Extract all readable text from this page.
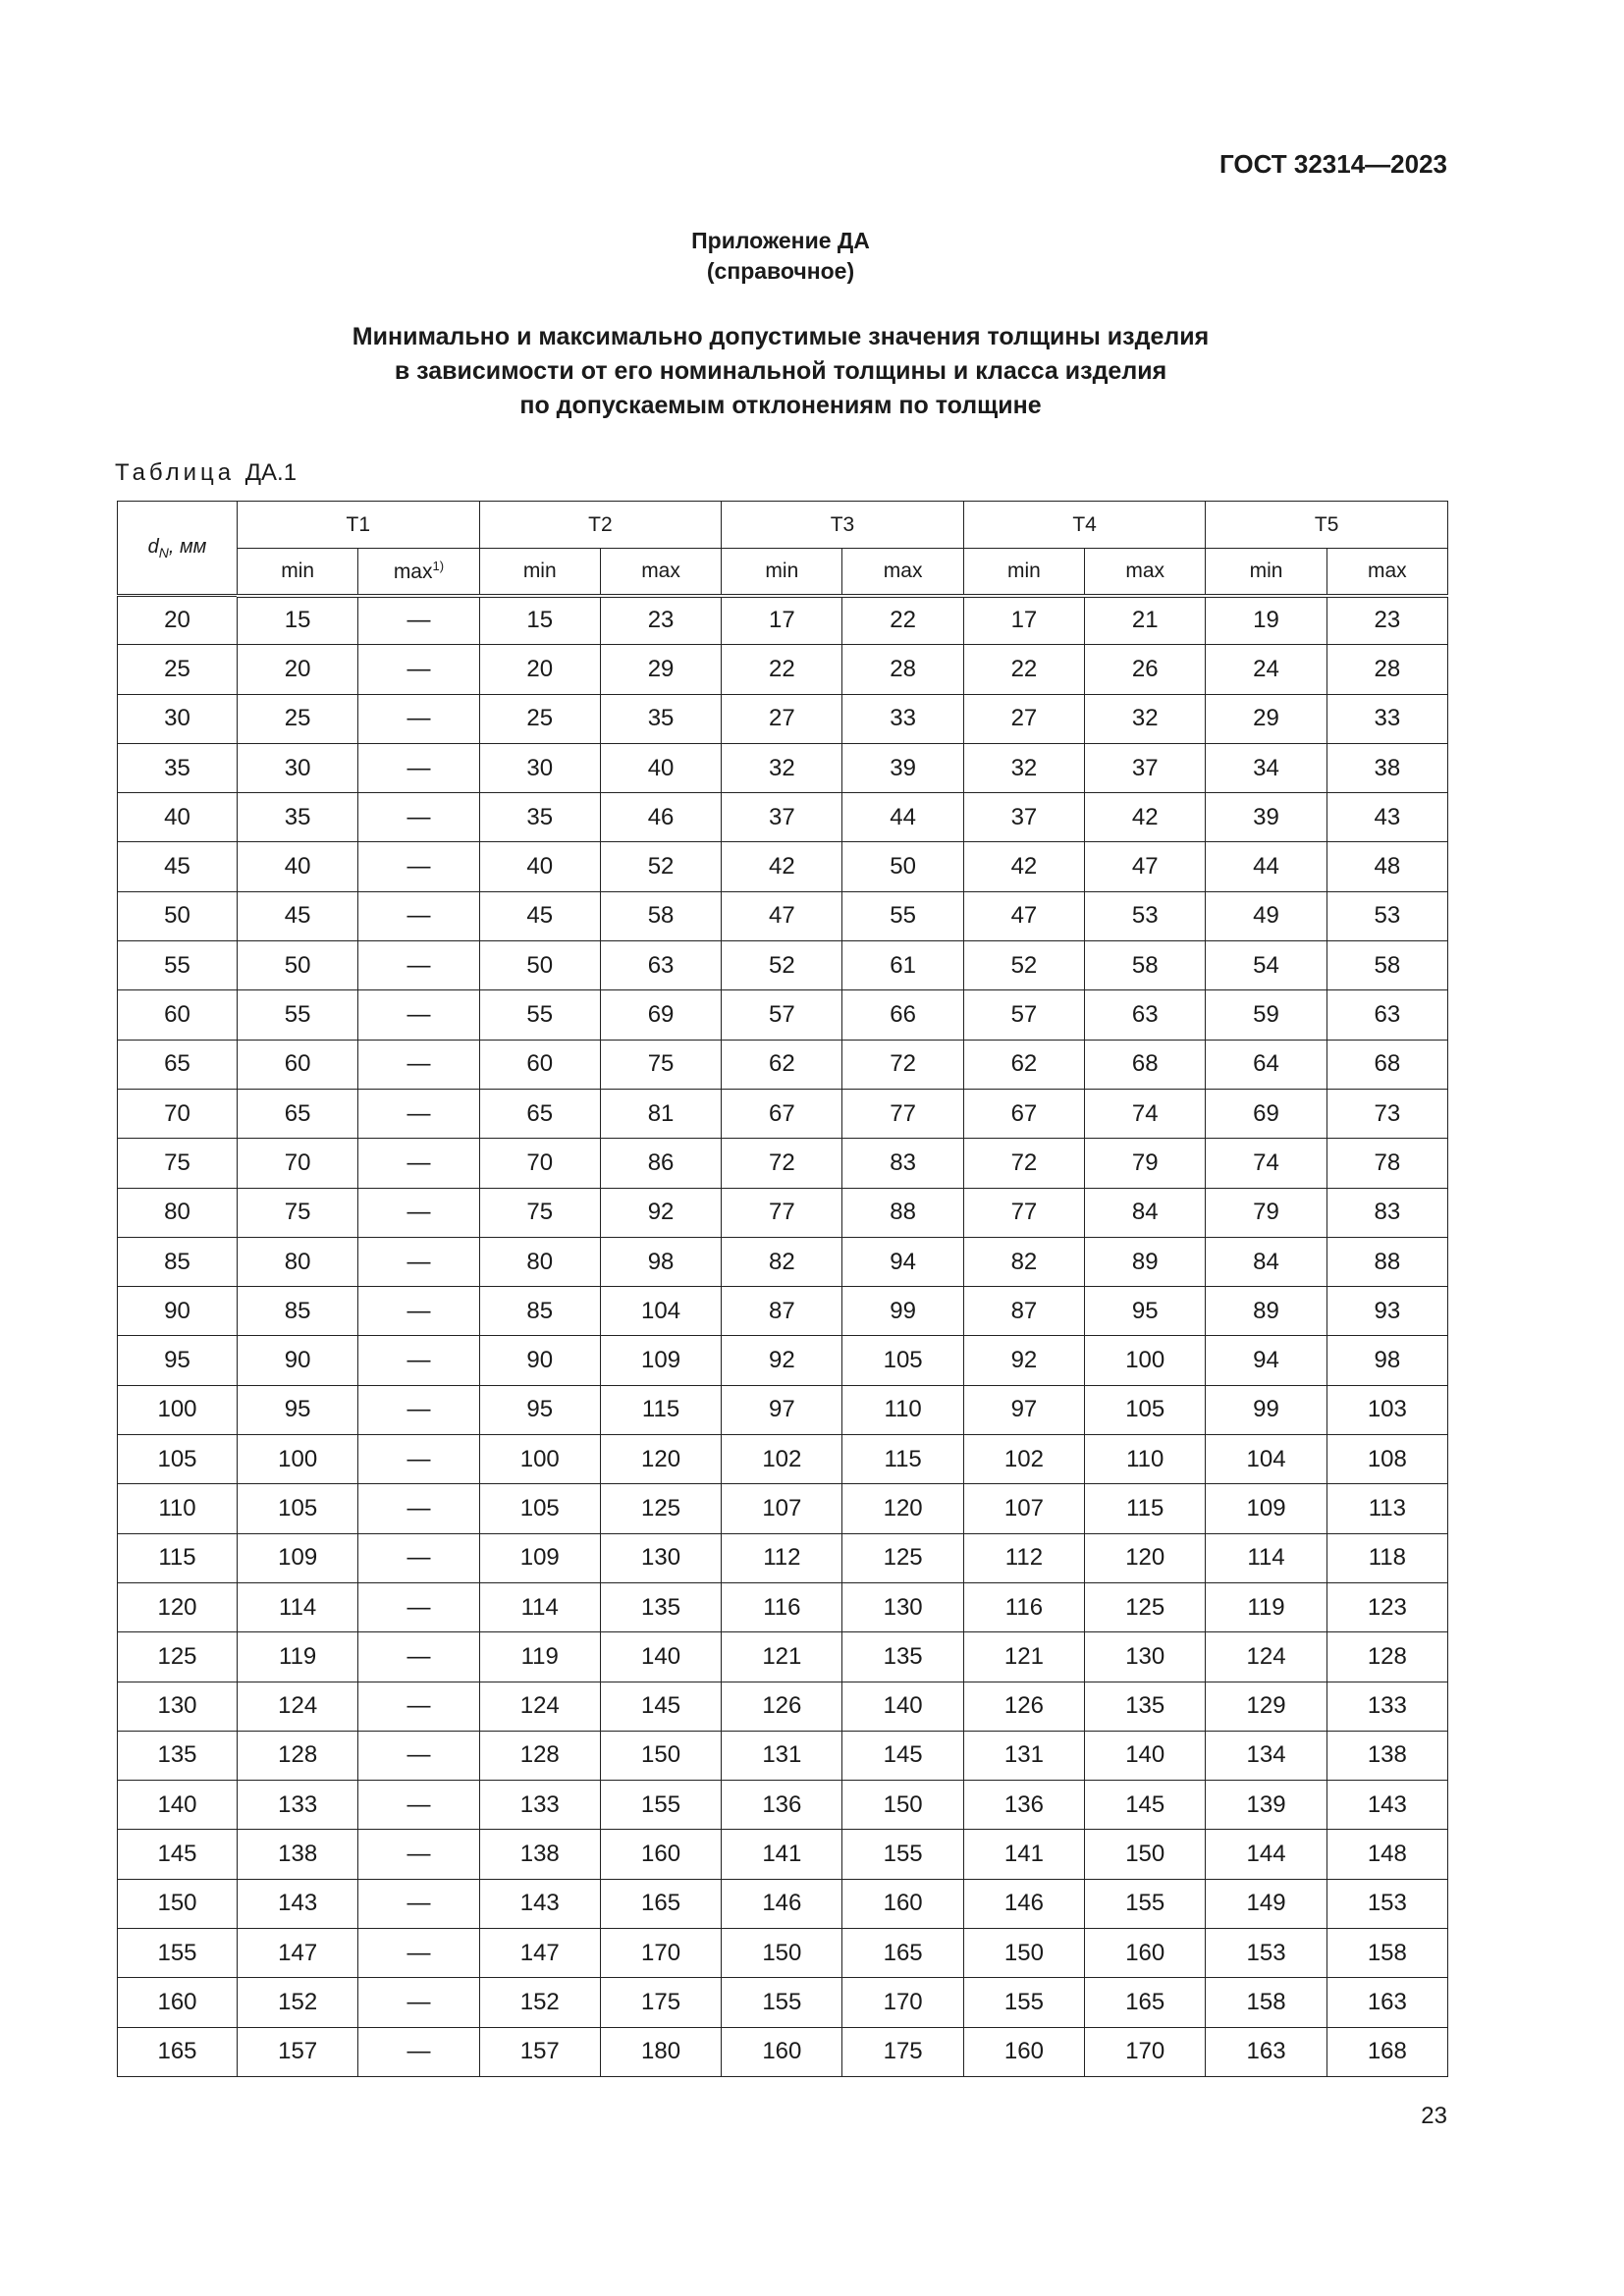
ГОСТ 32314—2023
Приложение ДА
(справочное)
Минимально и максимально допустимые значения толщины изделия
в зависимости от его номинальной толщины и класса изделия
по допускаемым отклонениям по толщине
Таблица ДА.1
$d_N$, мм	T1		T2		T3		T4		T5	
	min	$\max^{1)}$	min	max	min	max	min	max	min	max
20	15	—	15	23	17	22	17	21	19	23
25	20	—	20	29	22	28	22	26	24	28
30	25	—	25	35	27	33	27	32	29	33
35	30	—	30	40	32	39	32	37	34	38
40	35	—	35	46	37	44	37	42	39	43
45	40	—	40	52	42	50	42	47	44	48
50	45	—	45	58	47	55	47	53	49	53
55	50	—	50	63	52	61	52	58	54	58
60	55	—	55	69	57	66	57	63	59	63
65	60	—	60	75	62	72	62	68	64	68
70	65	—	65	81	67	77	67	74	69	73
75	70	—	70	86	72	83	72	79	74	78
80	75	—	75	92	77	88	77	84	79	83
85	80	—	80	98	82	94	82	89	84	88
90	85	—	85	104	87	99	87	95	89	93
95	90	—	90	109	92	105	92	100	94	98
100	95	—	95	115	97	110	97	105	99	103
105	100	—	100	120	102	115	102	110	104	108
110	105	—	105	125	107	120	107	115	109	113
115	109	—	109	130	112	125	112	120	114	118
120	114	—	114	135	116	130	116	125	119	123
125	119	—	119	140	121	135	121	130	124	128
130	124	—	124	145	126	140	126	135	129	133
135	128	—	128	150	131	145	131	140	134	138
140	133	—	133	155	136	150	136	145	139	143
145	138	—	138	160	141	155	141	150	144	148
150	143	—	143	165	146	160	146	155	149	153
155	147	—	147	170	150	165	150	160	153	158
160	152	—	152	175	155	170	155	165	158	163
165	157	—	157	180	160	175	160	170	163	168
23
